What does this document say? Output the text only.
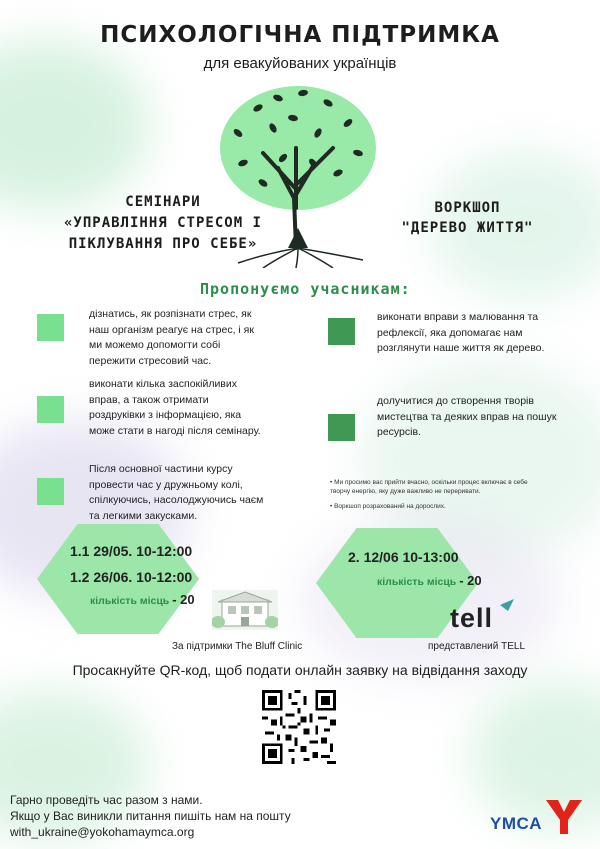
ПСИХОЛОГІЧНА ПІДТРИМКА
для евакуйованих українців
СЕМІНАРИ
«УПРАВЛІННЯ СТРЕСОМ І
ПІКЛУВАННЯ ПРО СЕБЕ»
ВОРКШОП
"ДЕРЕВО ЖИТТЯ"
Пропонуємо учасникам:
дізнатись, як розпізнати стрес, як наш організм реагує на стрес, і як ми можемо допомогти собі пережити стресовий час.
виконати кілька заспокійливих вправ, а також отримати роздруківки з інформацією, яка може стати в нагоді після семінару.
Після основної частини курсу провести час у дружньому колі, спілкуючись, насолоджуючись чаєм та легкими закусками.
виконати вправи з малювання та рефлексії, яка допомагає нам розглянути наше життя як дерево.
долучитися до створення творів мистецтва та деяких вправ на пошук ресурсів.
• Ми просимо вас прийти вчасно, оскільки процес включає в себе творчу енергію, яку дуже важливо не переривати.
• Воркшоп розрахований на дорослих.
1.1 29/05. 10-12:00
1.2 26/06. 10-12:00
кількість місць - 20
2. 12/06 10-13:00
кількість місць - 20
За підтримки The Bluff Clinic
tell
представлений TELL
Просакнуйте QR-код, щоб подати онлайн заявку на відвідання заходу
Гарно проведіть час разом з нами.
Якщо у Вас виникли питання пишіть нам на пошту
with_ukraine@yokohamaymca.org	YMCA
